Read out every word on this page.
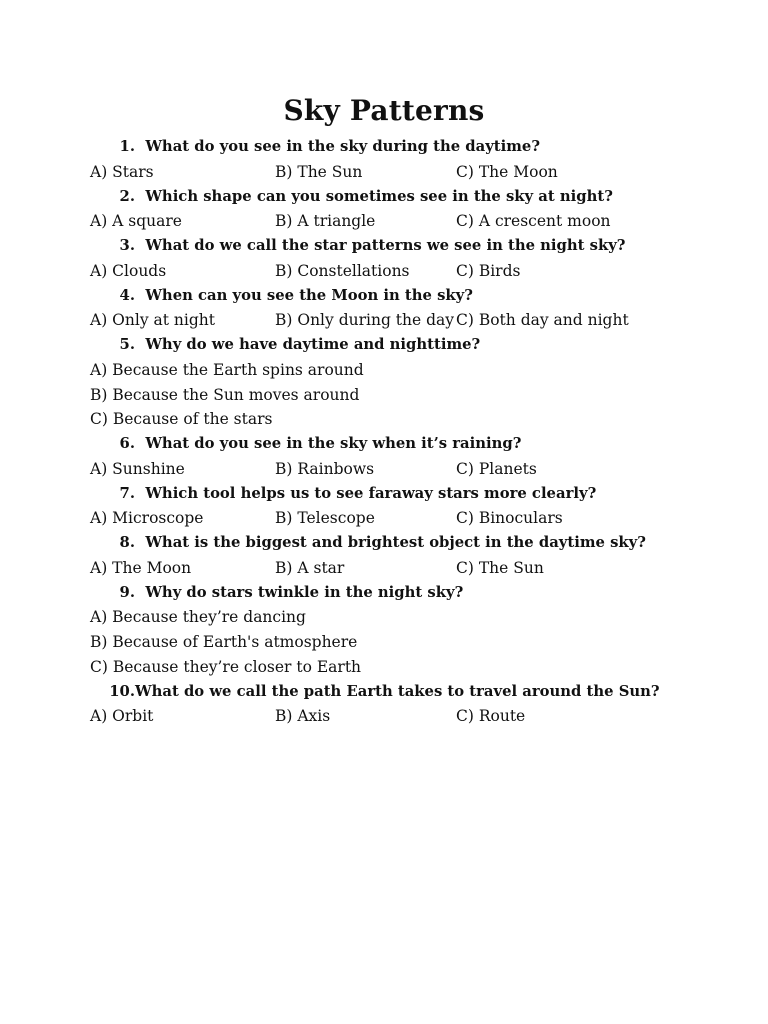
Sky Patterns
1. What do you see in the sky during the daytime?
A) Stars	B) The Sun	C) The Moon
2. Which shape can you sometimes see in the sky at night?
A) A square	B) A triangle	C) A crescent moon
3. What do we call the star patterns we see in the night sky?
A) Clouds	B) Constellations	C) Birds
4. When can you see the Moon in the sky?
A) Only at night	B) Only during the day C) Both day and night
5. Why do we have daytime and nighttime?
A) Because the Earth spins around
B) Because the Sun moves around
C) Because of the stars
6. What do you see in the sky when it’s raining?
A) Sunshine	B) Rainbows	C) Planets
7. Which tool helps us to see faraway stars more clearly?
A) Microscope	B) Telescope	C) Binoculars
8. What is the biggest and brightest object in the daytime sky?
A) The Moon	B) A star	C) The Sun
9. Why do stars twinkle in the night sky?
A) Because they’re dancing
B) Because of Earth's atmosphere
C) Because they’re closer to Earth
10. What do we call the path Earth takes to travel around the Sun?
A) Orbit	B) Axis	C) Route
